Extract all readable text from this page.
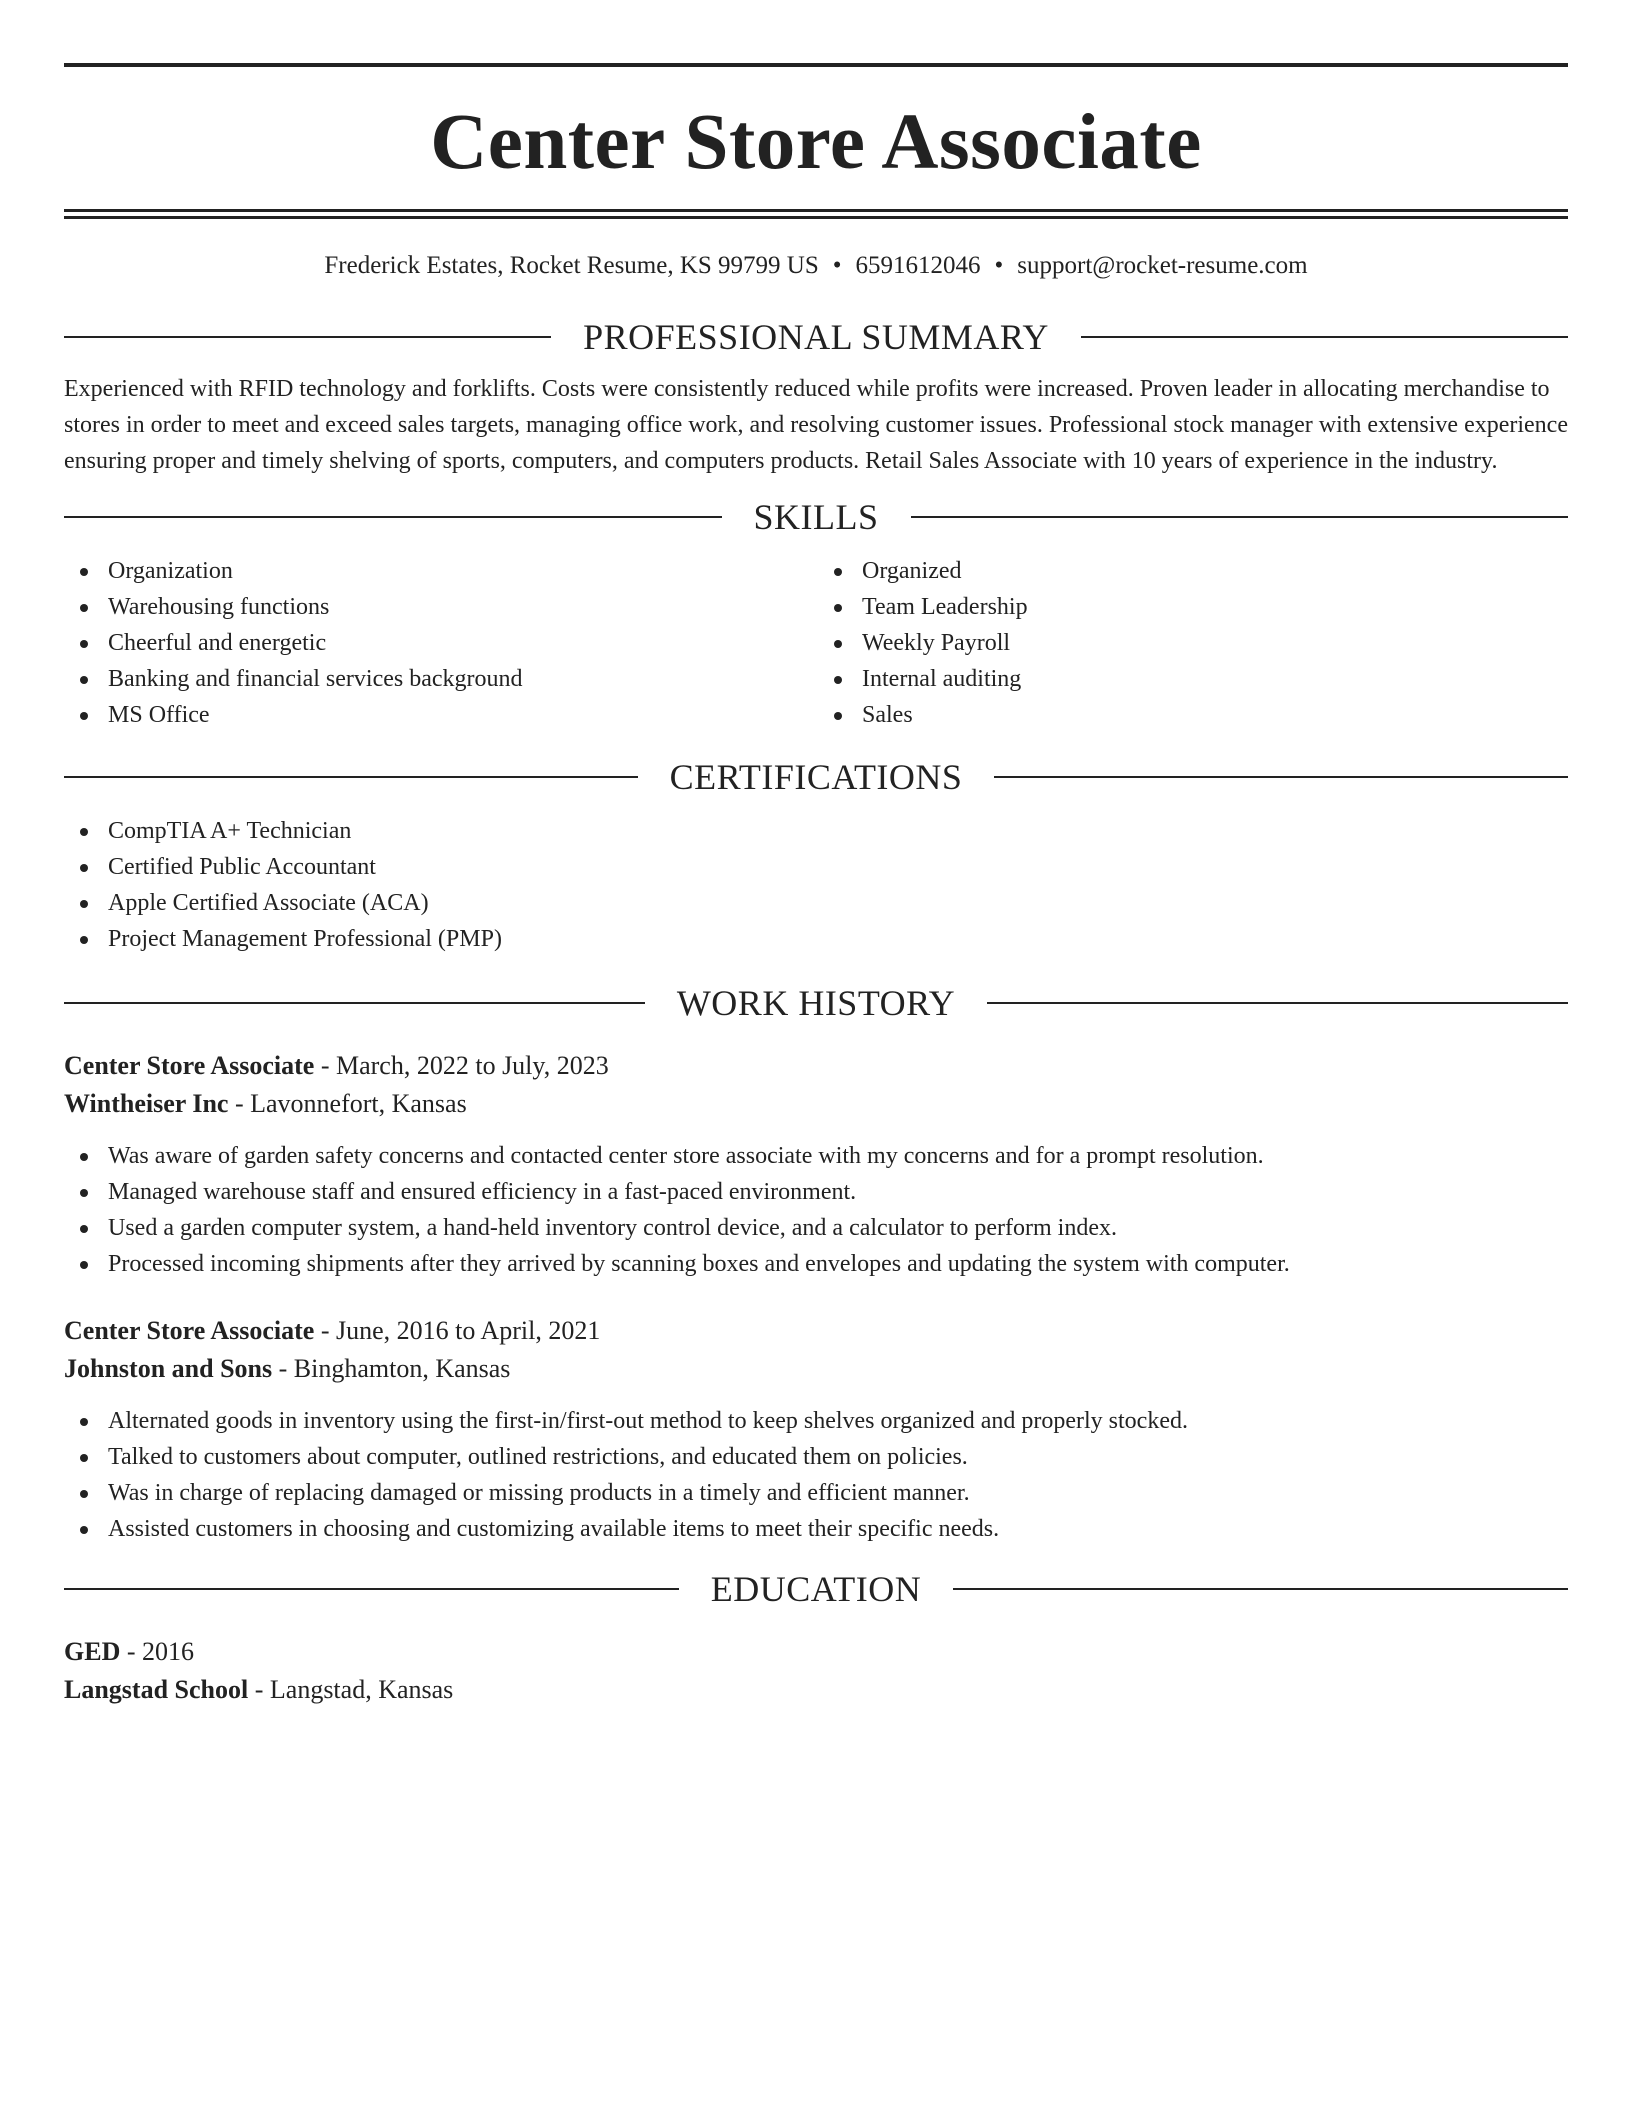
Center Store Associate
Frederick Estates, Rocket Resume, KS 99799 US • 6591612046 • support@rocket-resume.com
PROFESSIONAL SUMMARY

Experienced with RFID technology and forklifts. Costs were consistently reduced while profits were increased. Proven leader in allocating merchandise to stores in order to meet and exceed sales targets, managing office work, and resolving customer issues. Professional stock manager with extensive experience ensuring proper and timely shelving of sports, computers, and computers products. Retail Sales Associate with 10 years of experience in the industry.

SKILLS
Organization
Warehousing functions
Cheerful and energetic
Banking and financial services background
MS Office
Organized
Team Leadership
Weekly Payroll
Internal auditing
Sales
CERTIFICATIONS
CompTIA A+ Technician
Certified Public Accountant
Apple Certified Associate (ACA)
Project Management Professional (PMP)
WORK HISTORY
Center Store Associate - March, 2022 to July, 2023
Wintheiser Inc - Lavonnefort, Kansas
Was aware of garden safety concerns and contacted center store associate with my concerns and for a prompt resolution.
Managed warehouse staff and ensured efficiency in a fast-paced environment.
Used a garden computer system, a hand-held inventory control device, and a calculator to perform index.
Processed incoming shipments after they arrived by scanning boxes and envelopes and updating the system with computer.
Center Store Associate - June, 2016 to April, 2021
Johnston and Sons - Binghamton, Kansas
Alternated goods in inventory using the first-in/first-out method to keep shelves organized and properly stocked.
Talked to customers about computer, outlined restrictions, and educated them on policies.
Was in charge of replacing damaged or missing products in a timely and efficient manner.
Assisted customers in choosing and customizing available items to meet their specific needs.
EDUCATION
GED - 2016
Langstad School - Langstad, Kansas
